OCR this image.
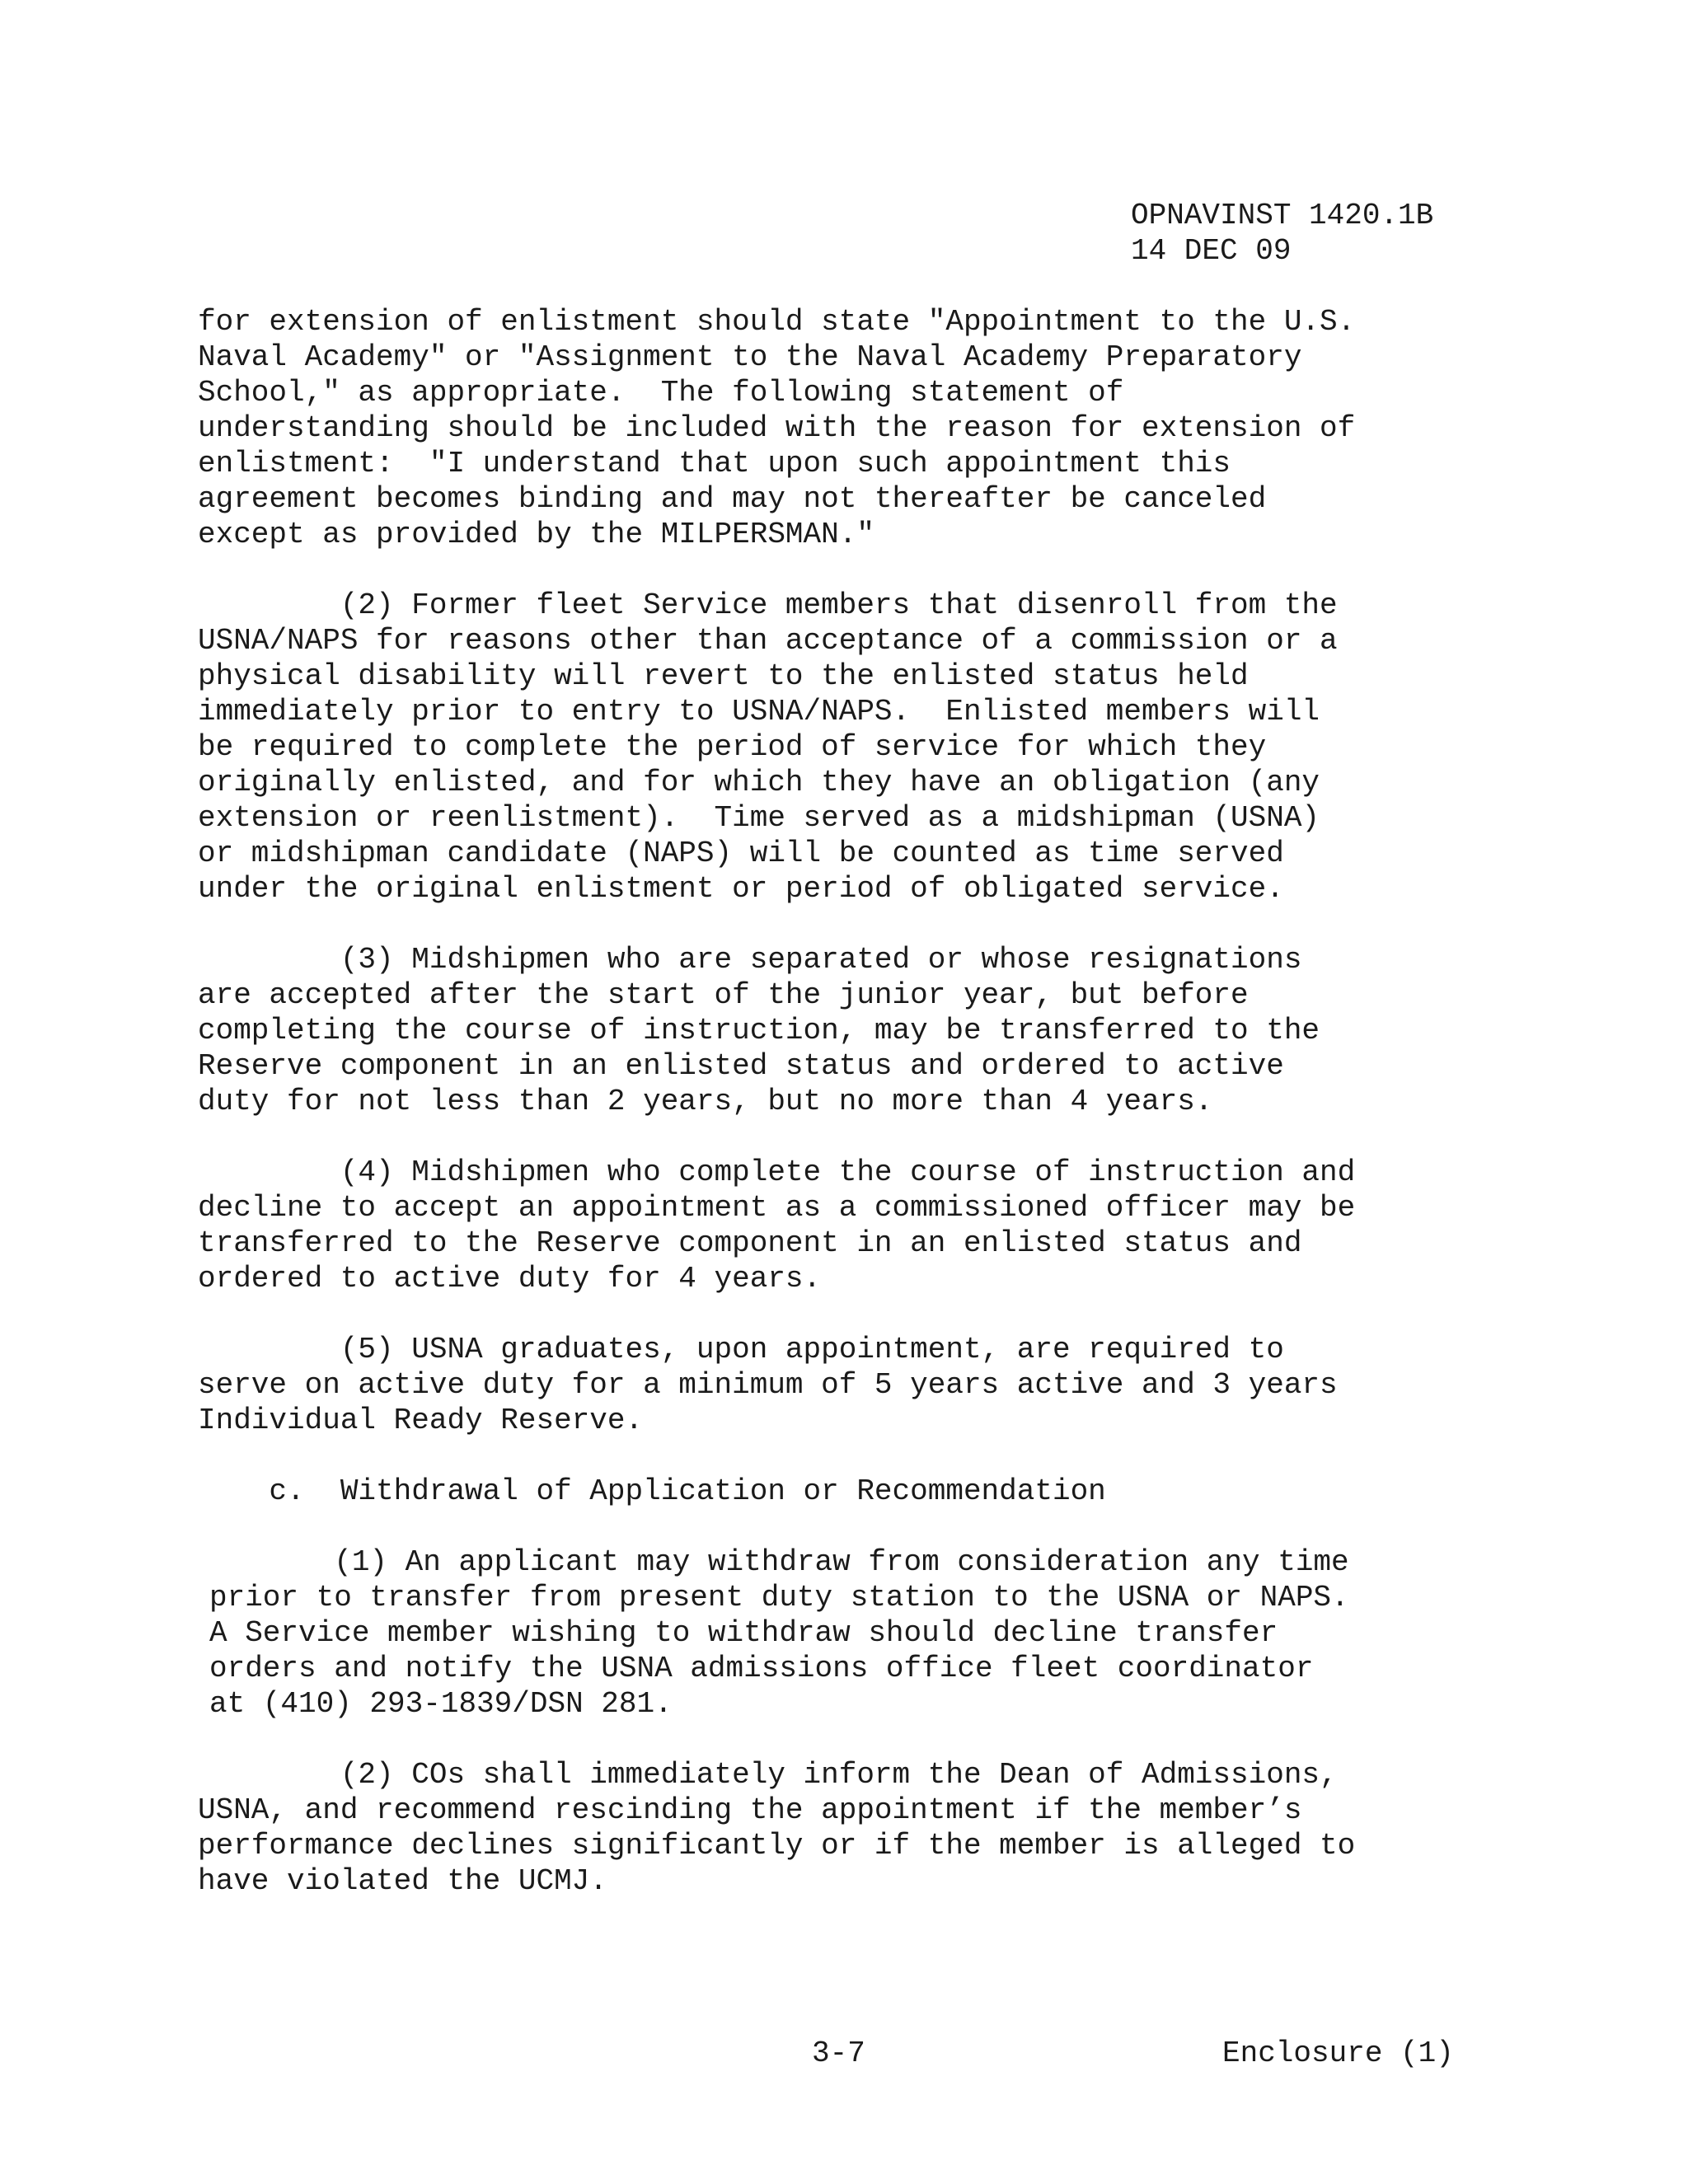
OPNAVINST 1420.1B
14 DEC 09
for extension of enlistment should state "Appointment to the U.S.
Naval Academy" or "Assignment to the Naval Academy Preparatory
School," as appropriate.  The following statement of
understanding should be included with the reason for extension of
enlistment:  "I understand that upon such appointment this
agreement becomes binding and may not thereafter be canceled
except as provided by the MILPERSMAN."
(2) Former fleet Service members that disenroll from the
USNA/NAPS for reasons other than acceptance of a commission or a
physical disability will revert to the enlisted status held
immediately prior to entry to USNA/NAPS.  Enlisted members will
be required to complete the period of service for which they
originally enlisted, and for which they have an obligation (any
extension or reenlistment).  Time served as a midshipman (USNA)
or midshipman candidate (NAPS) will be counted as time served
under the original enlistment or period of obligated service.
(3) Midshipmen who are separated or whose resignations
are accepted after the start of the junior year, but before
completing the course of instruction, may be transferred to the
Reserve component in an enlisted status and ordered to active
duty for not less than 2 years, but no more than 4 years.
(4) Midshipmen who complete the course of instruction and
decline to accept an appointment as a commissioned officer may be
transferred to the Reserve component in an enlisted status and
ordered to active duty for 4 years.
(5) USNA graduates, upon appointment, are required to
serve on active duty for a minimum of 5 years active and 3 years
Individual Ready Reserve.
c.  Withdrawal of Application or Recommendation
(1) An applicant may withdraw from consideration any time
prior to transfer from present duty station to the USNA or NAPS.
A Service member wishing to withdraw should decline transfer
orders and notify the USNA admissions office fleet coordinator
at (410) 293-1839/DSN 281.
(2) COs shall immediately inform the Dean of Admissions,
USNA, and recommend rescinding the appointment if the member’s
performance declines significantly or if the member is alleged to
have violated the UCMJ.
3-7	Enclosure (1)
